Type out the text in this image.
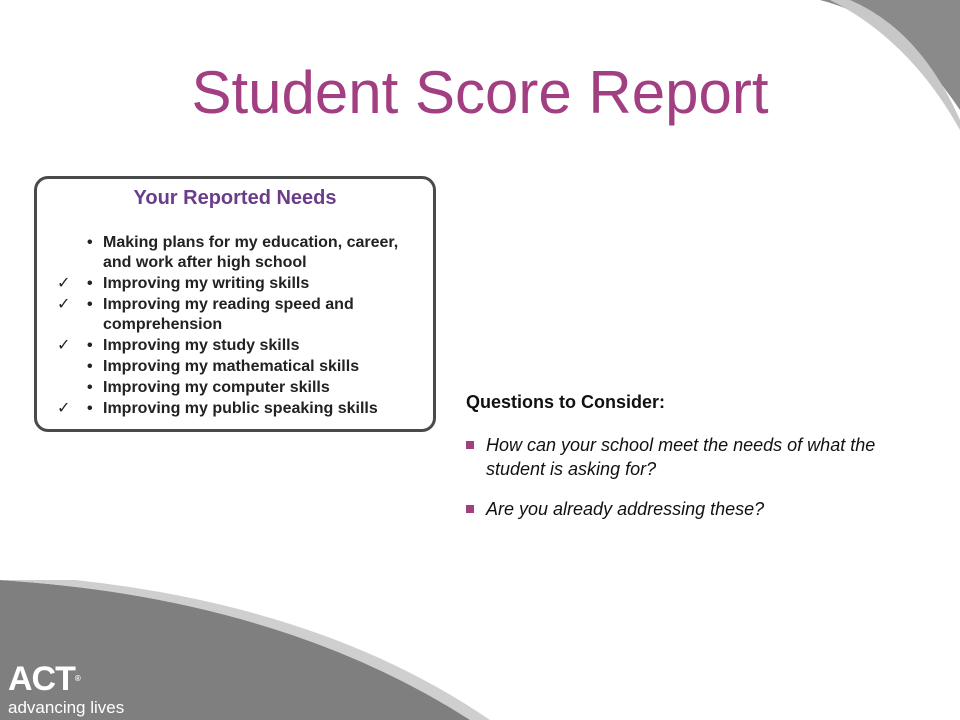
Student Score Report
Your Reported Needs
• Making plans for my education, career,
and work after high school
✓ • Improving my writing skills
✓ • Improving my reading speed and
comprehension
✓ • Improving my study skills
• Improving my mathematical skills
• Improving my computer skills
✓ • Improving my public speaking skills	Questions to Consider:
How can your school meet the needs of what the student is asking for?
Are you already addressing these?
ACT®
advancing lives
